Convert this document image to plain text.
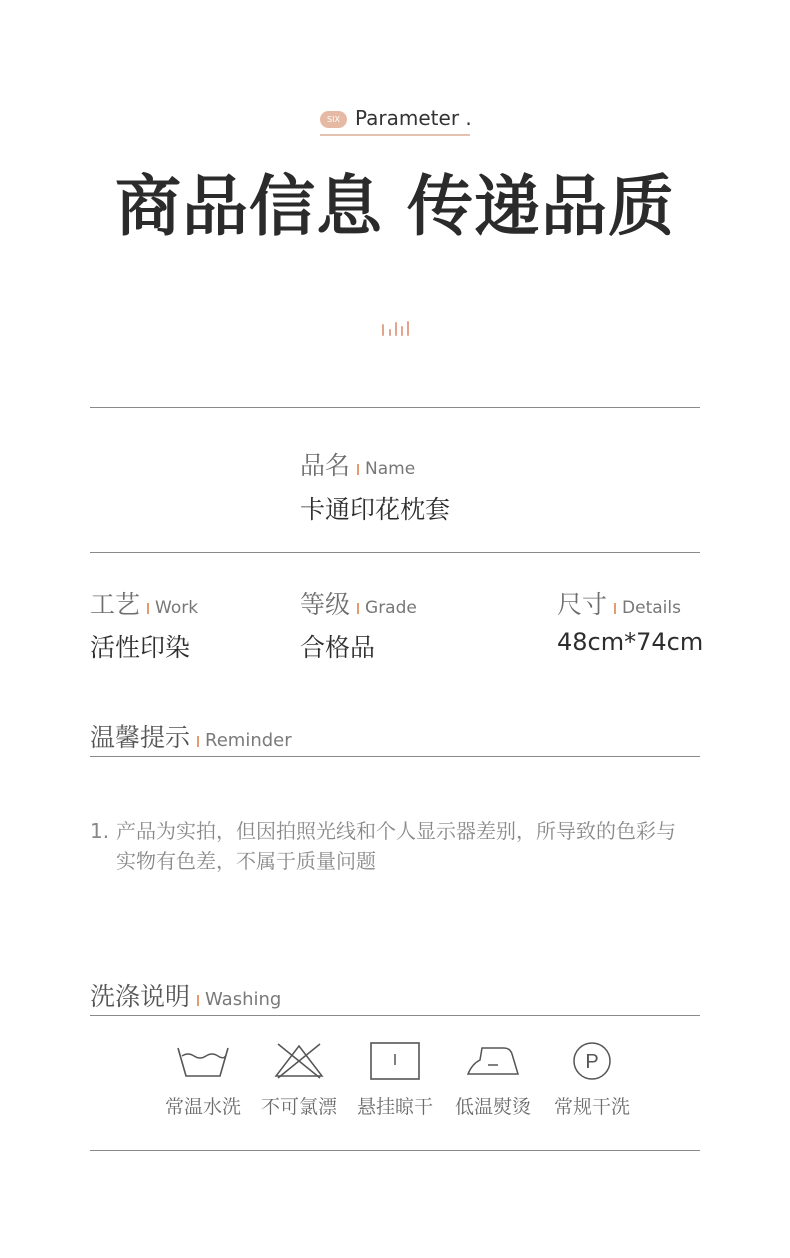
SIX Parameter .
商品信息 传递品质
品名 Name
卡通印花枕套
工艺 Work
活性印染
等级 Grade
合格品
尺寸 Details
48cm*74cm
温馨提示 Reminder
1. 产品为实拍，但因拍照光线和个人显示器差别，所导致的色彩与实物有色差，不属于质量问题
洗涤说明 Washing
常温水洗	不可氯漂	悬挂晾干	低温熨烫
P
常规干洗
